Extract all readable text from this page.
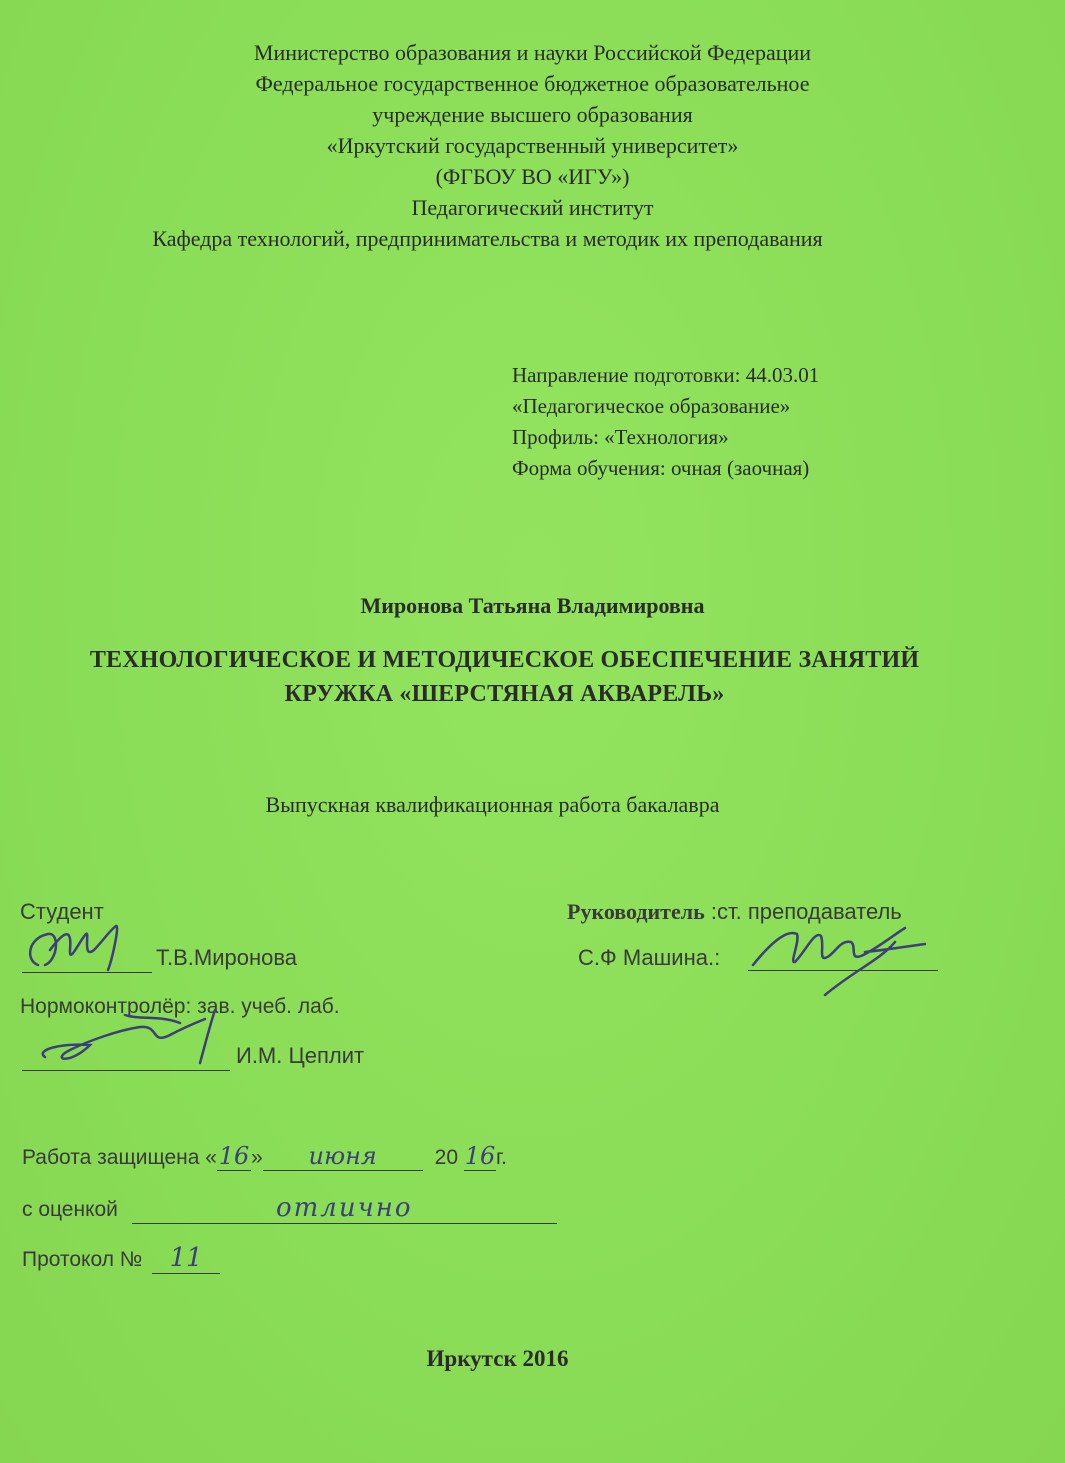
Министерство образования и науки Российской Федерации
Федеральное государственное бюджетное образовательное
учреждение высшего образования
«Иркутский государственный университет»
(ФГБОУ ВО «ИГУ»)
Педагогический институт
Кафедра технологий, предпринимательства и методик их преподавания
Направление подготовки: 44.03.01
«Педагогическое образование»
Профиль: «Технология»
Форма обучения: очная (заочная)
Миронова Татьяна Владимировна
ТЕХНОЛОГИЧЕСКОЕ И МЕТОДИЧЕСКОЕ ОБЕСПЕЧЕНИЕ ЗАНЯТИЙ
КРУЖКА «ШЕРСТЯНАЯ АКВАРЕЛЬ»
Выпускная квалификационная работа бакалавра
Студент
Т.В.Миронова
Нормоконтролёр: зав. учеб. лаб.
И.М. Цеплит
Руководитель :ст. преподаватель
С.Ф Машина.:
Работа защищена «16» июня	20 16г.
с оценкой	отлично
Протокол № 11
Иркутск 2016
